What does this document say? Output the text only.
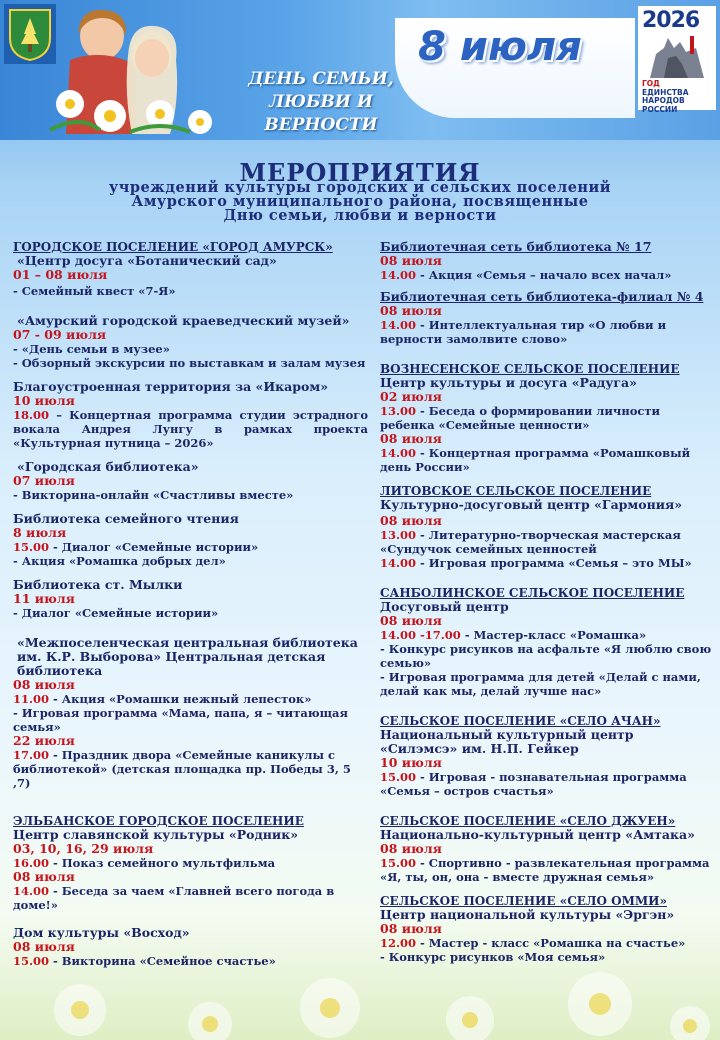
ДЕНЬ СЕМЬИ,
ЛЮБВИ И
ВЕРНОСТИ
8 июля
2026
ГОД
ЕДИНСТВА
НАРОДОВ
РОССИИ
МЕРОПРИЯТИЯ
учреждений культуры городских и сельских поселений
Амурского муниципального района, посвященные
Дню семьи, любви и верности
ГОРОДСКОЕ ПОСЕЛЕНИЕ «ГОРОД АМУРСК»
«Центр досуга «Ботанический сад»
01 – 08 июля
- Семейный квест «7-Я»
«Амурский городской краеведческий музей»
07 - 09 июля
- «День семьи в музее»
- Обзорный экскурсии по выставкам и залам музея
Благоустроенная территория за «Икаром»
10 июля
18.00 – Концертная программа студии эстрадного вокала Андрея Лунгу в рамках проекта «Культурная путница – 2026»
«Городская библиотека»
07 июля
- Викторина-онлайн «Счастливы вместе»
Библиотека семейного чтения
8 июля
15.00 - Диалог «Семейные истории»
- Акция «Ромашка добрых дел»
Библиотека ст. Мылки
11 июля
- Диалог «Семейные истории»
«Межпоселенческая центральная библиотека им. К.Р. Выборова» Центральная детская библиотека
08 июля
11.00 - Акция «Ромашки нежный лепесток»
- Игровая программа «Мама, папа, я – читающая семья»
22 июля
17.00 - Праздник двора «Семейные каникулы с библиотекой» (детская площадка пр. Победы 3, 5 ,7)
ЭЛЬБАНСКОЕ ГОРОДСКОЕ ПОСЕЛЕНИЕ
Центр славянской культуры «Родник»
03, 10, 16, 29 июля
16.00 - Показ семейного мультфильма
08 июля
14.00 - Беседа за чаем «Главней всего погода в доме!»
Дом культуры «Восход»
08 июля
15.00 - Викторина «Семейное счастье»
Библиотечная сеть библиотека № 17
08 июля
14.00 - Акция «Семья – начало всех начал»
Библиотечная сеть библиотека-филиал № 4
08 июля
14.00 - Интеллектуальная тир «О любви и верности замолвите слово»
ВОЗНЕСЕНСКОЕ СЕЛЬСКОЕ ПОСЕЛЕНИЕ
Центр культуры и досуга «Радуга»
02 июля
13.00 - Беседа о формировании личности ребенка «Семейные ценности»
08 июля
14.00 - Концертная программа «Ромашковый день России»
ЛИТОВСКОЕ СЕЛЬСКОЕ ПОСЕЛЕНИЕ
Культурно-досуговый центр «Гармония»
08 июля
13.00 - Литературно-творческая мастерская «Сундучок семейных ценностей
14.00 - Игровая программа «Семья – это МЫ»
САНБОЛИНСКОЕ СЕЛЬСКОЕ ПОСЕЛЕНИЕ
Досуговый центр
08 июля
14.00 -17.00 - Мастер-класс «Ромашка»
- Конкурс рисунков на асфальте «Я люблю свою семью»
- Игровая программа для детей «Делай с нами, делай как мы, делай лучше нас»
СЕЛЬСКОЕ ПОСЕЛЕНИЕ «СЕЛО АЧАН»
Национальный культурный центр «Силэмсэ» им. Н.П. Гейкер
10 июля
15.00 - Игровая - познавательная программа «Семья – остров счастья»
СЕЛЬСКОЕ ПОСЕЛЕНИЕ «СЕЛО ДЖУЕН»
Национально-культурный центр «Амтака»
08 июля
15.00 - Спортивно - развлекательная программа «Я, ты, он, она - вместе дружная семья»
СЕЛЬСКОЕ ПОСЕЛЕНИЕ «СЕЛО ОММИ»
Центр национальной культуры «Эргэн»
08 июля
12.00 - Мастер - класс «Ромашка на счастье»
- Конкурс рисунков «Моя семья»
